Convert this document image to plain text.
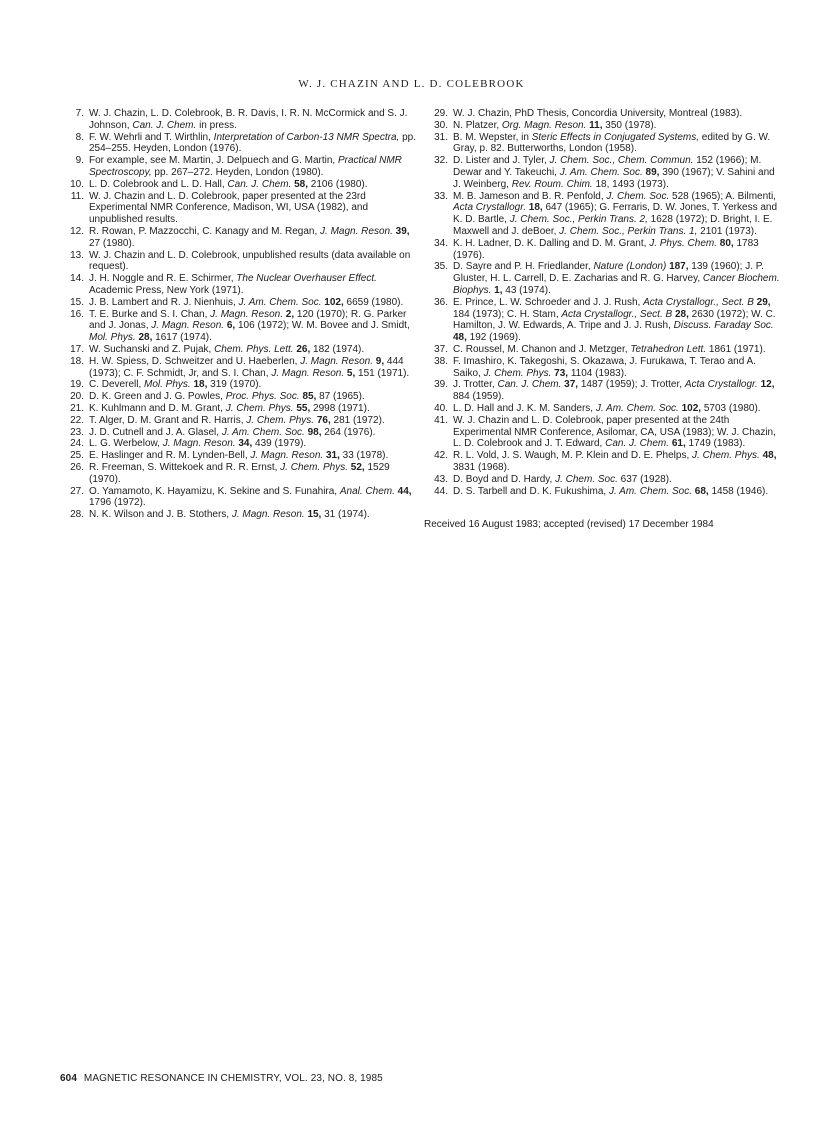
W. J. CHAZIN AND L. D. COLEBROOK
7. W. J. Chazin, L. D. Colebrook, B. R. Davis, I. R. N. McCormick and S. J. Johnson, Can. J. Chem. in press.
8. F. W. Wehrli and T. Wirthlin, Interpretation of Carbon-13 NMR Spectra, pp. 254–255. Heyden, London (1976).
9. For example, see M. Martin, J. Delpuech and G. Martin, Practical NMR Spectroscopy, pp. 267–272. Heyden, London (1980).
10. L. D. Colebrook and L. D. Hall, Can. J. Chem. 58, 2106 (1980).
11. W. J. Chazin and L. D. Colebrook, paper presented at the 23rd Experimental NMR Conference, Madison, WI, USA (1982), and unpublished results.
12. R. Rowan, P. Mazzocchi, C. Kanagy and M. Regan, J. Magn. Reson. 39, 27 (1980).
13. W. J. Chazin and L. D. Colebrook, unpublished results (data available on request).
14. J. H. Noggle and R. E. Schirmer, The Nuclear Overhauser Effect. Academic Press, New York (1971).
15. J. B. Lambert and R. J. Nienhuis, J. Am. Chem. Soc. 102, 6659 (1980).
16. T. E. Burke and S. I. Chan, J. Magn. Reson. 2, 120 (1970); R. G. Parker and J. Jonas, J. Magn. Reson. 6, 106 (1972); W. M. Bovee and J. Smidt, Mol. Phys. 28, 1617 (1974).
17. W. Suchanski and Z. Pujak, Chem. Phys. Lett. 26, 182 (1974).
18. H. W. Spiess, D. Schweitzer and U. Haeberlen, J. Magn. Reson. 9, 444 (1973); C. F. Schmidt, Jr, and S. I. Chan, J. Magn. Reson. 5, 151 (1971).
19. C. Deverell, Mol. Phys. 18, 319 (1970).
20. D. K. Green and J. G. Powles, Proc. Phys. Soc. 85, 87 (1965).
21. K. Kuhlmann and D. M. Grant, J. Chem. Phys. 55, 2998 (1971).
22. T. Alger, D. M. Grant and R. Harris, J. Chem. Phys. 76, 281 (1972).
23. J. D. Cutnell and J. A. Glasel, J. Am. Chem. Soc. 98, 264 (1976).
24. L. G. Werbelow, J. Magn. Reson. 34, 439 (1979).
25. E. Haslinger and R. M. Lynden-Bell, J. Magn. Reson. 31, 33 (1978).
26. R. Freeman, S. Wittekoek and R. R. Ernst, J. Chem. Phys. 52, 1529 (1970).
27. O. Yamamoto, K. Hayamizu, K. Sekine and S. Funahira, Anal. Chem. 44, 1796 (1972).
28. N. K. Wilson and J. B. Stothers, J. Magn. Reson. 15, 31 (1974).
29. W. J. Chazin, PhD Thesis, Concordia University, Montreal (1983).
30. N. Platzer, Org. Magn. Reson. 11, 350 (1978).
31. B. M. Wepster, in Steric Effects in Conjugated Systems, edited by G. W. Gray, p. 82. Butterworths, London (1958).
32. D. Lister and J. Tyler, J. Chem. Soc., Chem. Commun. 152 (1966); M. Dewar and Y. Takeuchi, J. Am. Chem. Soc. 89, 390 (1967); V. Sahini and J. Weinberg, Rev. Roum. Chim. 18, 1493 (1973).
33. M. B. Jameson and B. R. Penfold, J. Chem. Soc. 528 (1965); A. Bilmenti, Acta Crystallogr. 18, 647 (1965); G. Ferraris, D. W. Jones, T. Yerkess and K. D. Bartle, J. Chem. Soc., Perkin Trans. 2, 1628 (1972); D. Bright, I. E. Maxwell and J. deBoer, J. Chem. Soc., Perkin Trans. 1, 2101 (1973).
34. K. H. Ladner, D. K. Dalling and D. M. Grant, J. Phys. Chem. 80, 1783 (1976).
35. D. Sayre and P. H. Friedlander, Nature (London) 187, 139 (1960); J. P. Gluster, H. L. Carrell, D. E. Zacharias and R. G. Harvey, Cancer Biochem. Biophys. 1, 43 (1974).
36. E. Prince, L. W. Schroeder and J. J. Rush, Acta Crystallogr., Sect. B 29, 184 (1973); C. H. Stam, Acta Crystallogr., Sect. B 28, 2630 (1972); W. C. Hamilton, J. W. Edwards, A. Tripe and J. J. Rush, Discuss. Faraday Soc. 48, 192 (1969).
37. C. Roussel, M. Chanon and J. Metzger, Tetrahedron Lett. 1861 (1971).
38. F. Imashiro, K. Takegoshi, S. Okazawa, J. Furukawa, T. Terao and A. Saiko, J. Chem. Phys. 73, 1104 (1983).
39. J. Trotter, Can. J. Chem. 37, 1487 (1959); J. Trotter, Acta Crystallogr. 12, 884 (1959).
40. L. D. Hall and J. K. M. Sanders, J. Am. Chem. Soc. 102, 5703 (1980).
41. W. J. Chazin and L. D. Colebrook, paper presented at the 24th Experimental NMR Conference, Asilomar, CA, USA (1983); W. J. Chazin, L. D. Colebrook and J. T. Edward, Can. J. Chem. 61, 1749 (1983).
42. R. L. Vold, J. S. Waugh, M. P. Klein and D. E. Phelps, J. Chem. Phys. 48, 3831 (1968).
43. D. Boyd and D. Hardy, J. Chem. Soc. 637 (1928).
44. D. S. Tarbell and D. K. Fukushima, J. Am. Chem. Soc. 68, 1458 (1946).
Received 16 August 1983; accepted (revised) 17 December 1984
604 MAGNETIC RESONANCE IN CHEMISTRY, VOL. 23, NO. 8, 1985
